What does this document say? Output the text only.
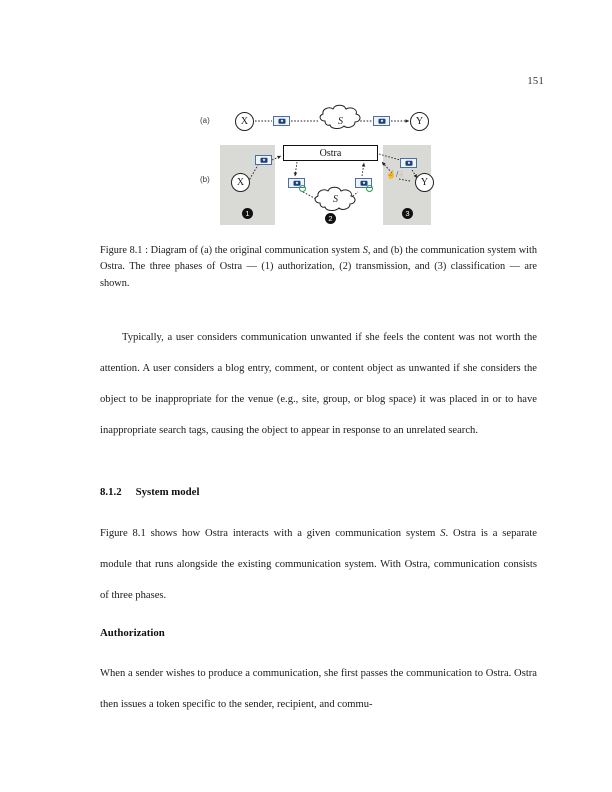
151
(a)
(b)
X	Y
S
Ostra
X	Y
S
☝/☟
1
2
3
Figure 8.1 : Diagram of (a) the original communication system S, and (b) the communication system with Ostra. The three phases of Ostra — (1) authorization, (2) transmission, and (3) classification — are shown.
Typically, a user considers communication unwanted if she feels the content was not worth the attention. A user considers a blog entry, comment, or content object as unwanted if she considers the object to be inappropriate for the venue (e.g., site, group, or blog space) it was placed in or to have inappropriate search tags, causing the object to appear in response to an unrelated search.
8.1.2 System model
Figure 8.1 shows how Ostra interacts with a given communication system S. Ostra is a separate module that runs alongside the existing communication system. With Ostra, communication consists of three phases.
Authorization
When a sender wishes to produce a communication, she first passes the communication to Ostra. Ostra then issues a token specific to the sender, recipient, and commu-
